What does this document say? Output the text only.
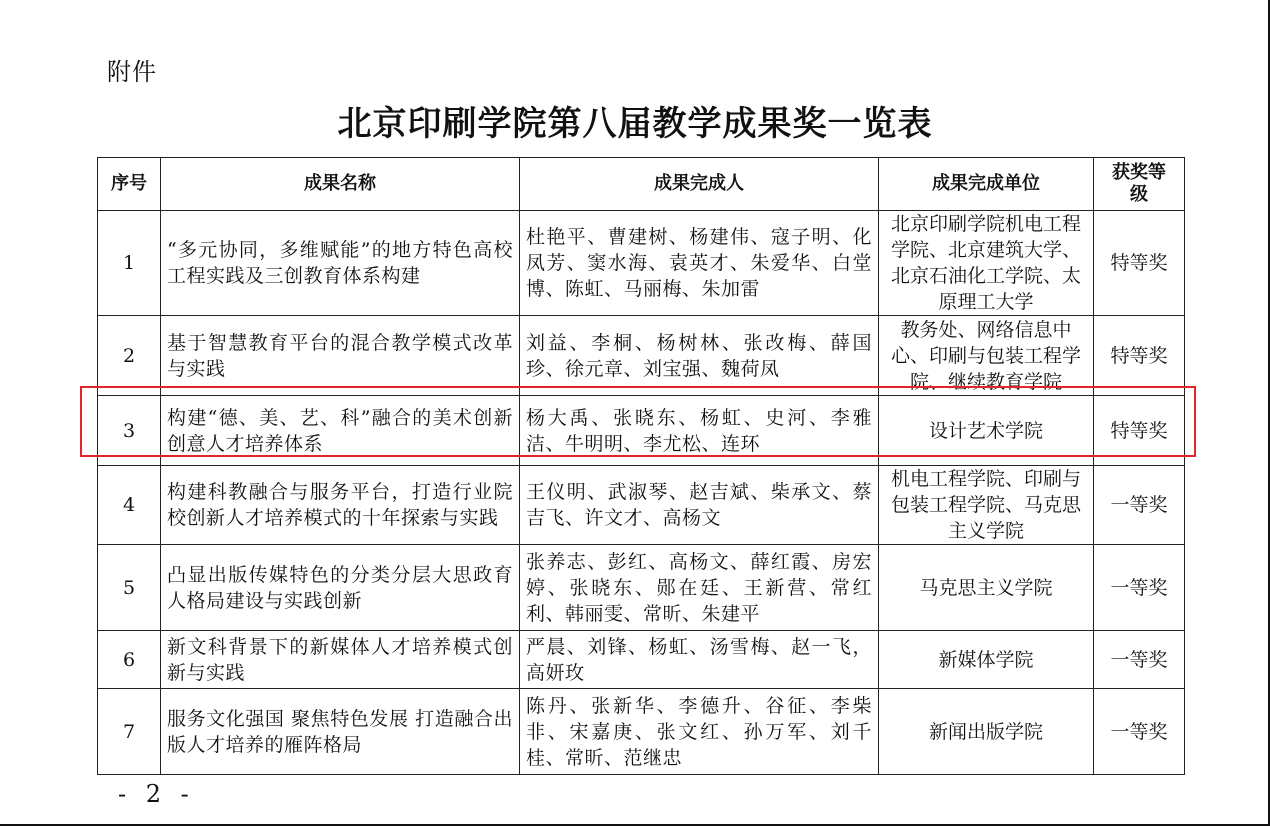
附件
北京印刷学院第八届教学成果奖一览表
序号	成果名称	成果完成人	成果完成单位	获奖等级
1	“多元协同，多维赋能”的地方特色高校工程实践及三创教育体系构建	杜艳平、曹建树、杨建伟、寇子明、化凤芳、窦水海、袁英才、朱爱华、白堂博、陈虹、马丽梅、朱加雷	北京印刷学院机电工程学院、北京建筑大学、北京石油化工学院、太原理工大学	特等奖
2	基于智慧教育平台的混合教学模式改革与实践	刘益、李桐、杨树林、张改梅、薛国珍、徐元章、刘宝强、魏荷凤	教务处、网络信息中心、印刷与包装工程学院、继续教育学院	特等奖
3	构建“德、美、艺、科”融合的美术创新创意人才培养体系	杨大禹、张晓东、杨虹、史河、李雅洁、牛明明、李尤松、连环	设计艺术学院	特等奖
4	构建科教融合与服务平台，打造行业院校创新人才培养模式的十年探索与实践	王仪明、武淑琴、赵吉斌、柴承文、蔡吉飞、许文才、高杨文	机电工程学院、印刷与包装工程学院、马克思主义学院	一等奖
5	凸显出版传媒特色的分类分层大思政育人格局建设与实践创新	张养志、彭红、高杨文、薛红霞、房宏婷、张晓东、郧在廷、王新营、常红利、韩丽雯、常昕、朱建平	马克思主义学院	一等奖
6	新文科背景下的新媒体人才培养模式创新与实践	严晨、刘锋、杨虹、汤雪梅、赵一飞，高妍玫	新媒体学院	一等奖
7	服务文化强国 聚焦特色发展 打造融合出版人才培养的雁阵格局	陈丹、张新华、李德升、谷征、李柴非、宋嘉庚、张文红、孙万军、刘千桂、常昕、范继忠	新闻出版学院	一等奖
- 2 -
